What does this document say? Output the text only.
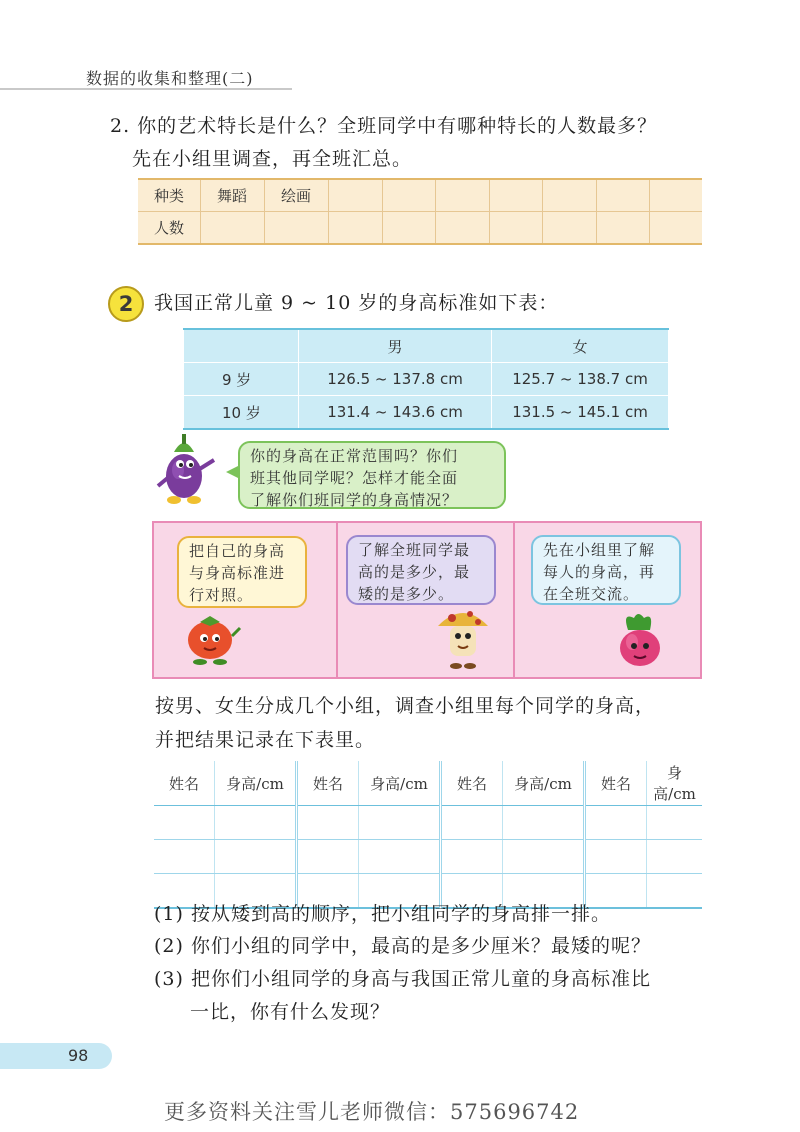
数据的收集和整理(二)
2. 你的艺术特长是什么？全班同学中有哪种特长的人数最多？
先在小组里调查，再全班汇总。
种类	舞蹈	绘画							
人数									
2	我国正常儿童 9 ~ 10 岁的身高标准如下表：
	男	女
9 岁	126.5 ~ 137.8 cm	125.7 ~ 138.7 cm
10 岁	131.4 ~ 143.6 cm	131.5 ~ 145.1 cm
你的身高在正常范围吗？你们
班其他同学呢？怎样才能全面
了解你们班同学的身高情况？
把自己的身高
与身高标准进
行对照。
了解全班同学最
高的是多少，最
矮的是多少。
先在小组里了解
每人的身高，再
在全班交流。
按男、女生分成几个小组，调查小组里每个同学的身高，
并把结果记录在下表里。
姓名	身高/cm	姓名	身高/cm	姓名	身高/cm	姓名	身高/cm

(1) 按从矮到高的顺序，把小组同学的身高排一排。
(2) 你们小组的同学中，最高的是多少厘米？最矮的呢？
(3) 把你们小组同学的身高与我国正常儿童的身高标准比
一比，你有什么发现？
98
更多资料关注雪儿老师微信：575696742
